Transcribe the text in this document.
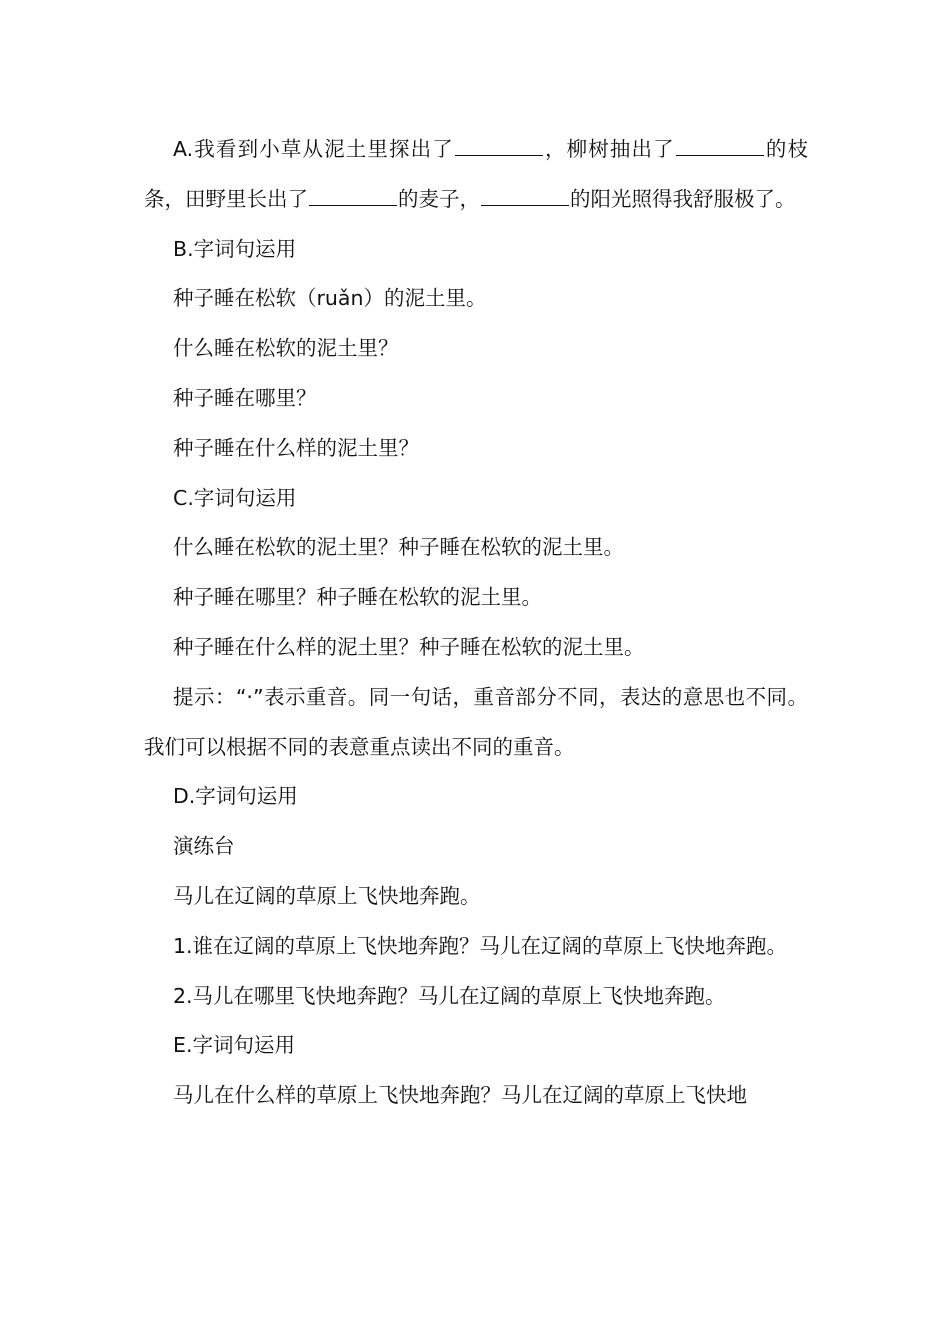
A.我看到小草从泥土里探出了	，柳树抽出了	的枝条，田野里长出了	的麦子，	的阳光照得我舒服极了。

B.字词句运用

种子睡在松软（ruǎn）的泥土里。

什么睡在松软的泥土里？

种子睡在哪里？

种子睡在什么样的泥土里？

C.字词句运用

什么睡在松软的泥土里？种子睡在松软的泥土里。

种子睡在哪里？种子睡在松软的泥土里。

种子睡在什么样的泥土里？种子睡在松软的泥土里。

提示：“·”表示重音。同一句话，重音部分不同，表达的意思也不同。我们可以根据不同的表意重点读出不同的重音。

D.字词句运用

演练台

马儿在辽阔的草原上飞快地奔跑。

1.谁在辽阔的草原上飞快地奔跑？马儿在辽阔的草原上飞快地奔跑。

2.马儿在哪里飞快地奔跑？马儿在辽阔的草原上飞快地奔跑。

E.字词句运用

马儿在什么样的草原上飞快地奔跑？马儿在辽阔的草原上飞快地
